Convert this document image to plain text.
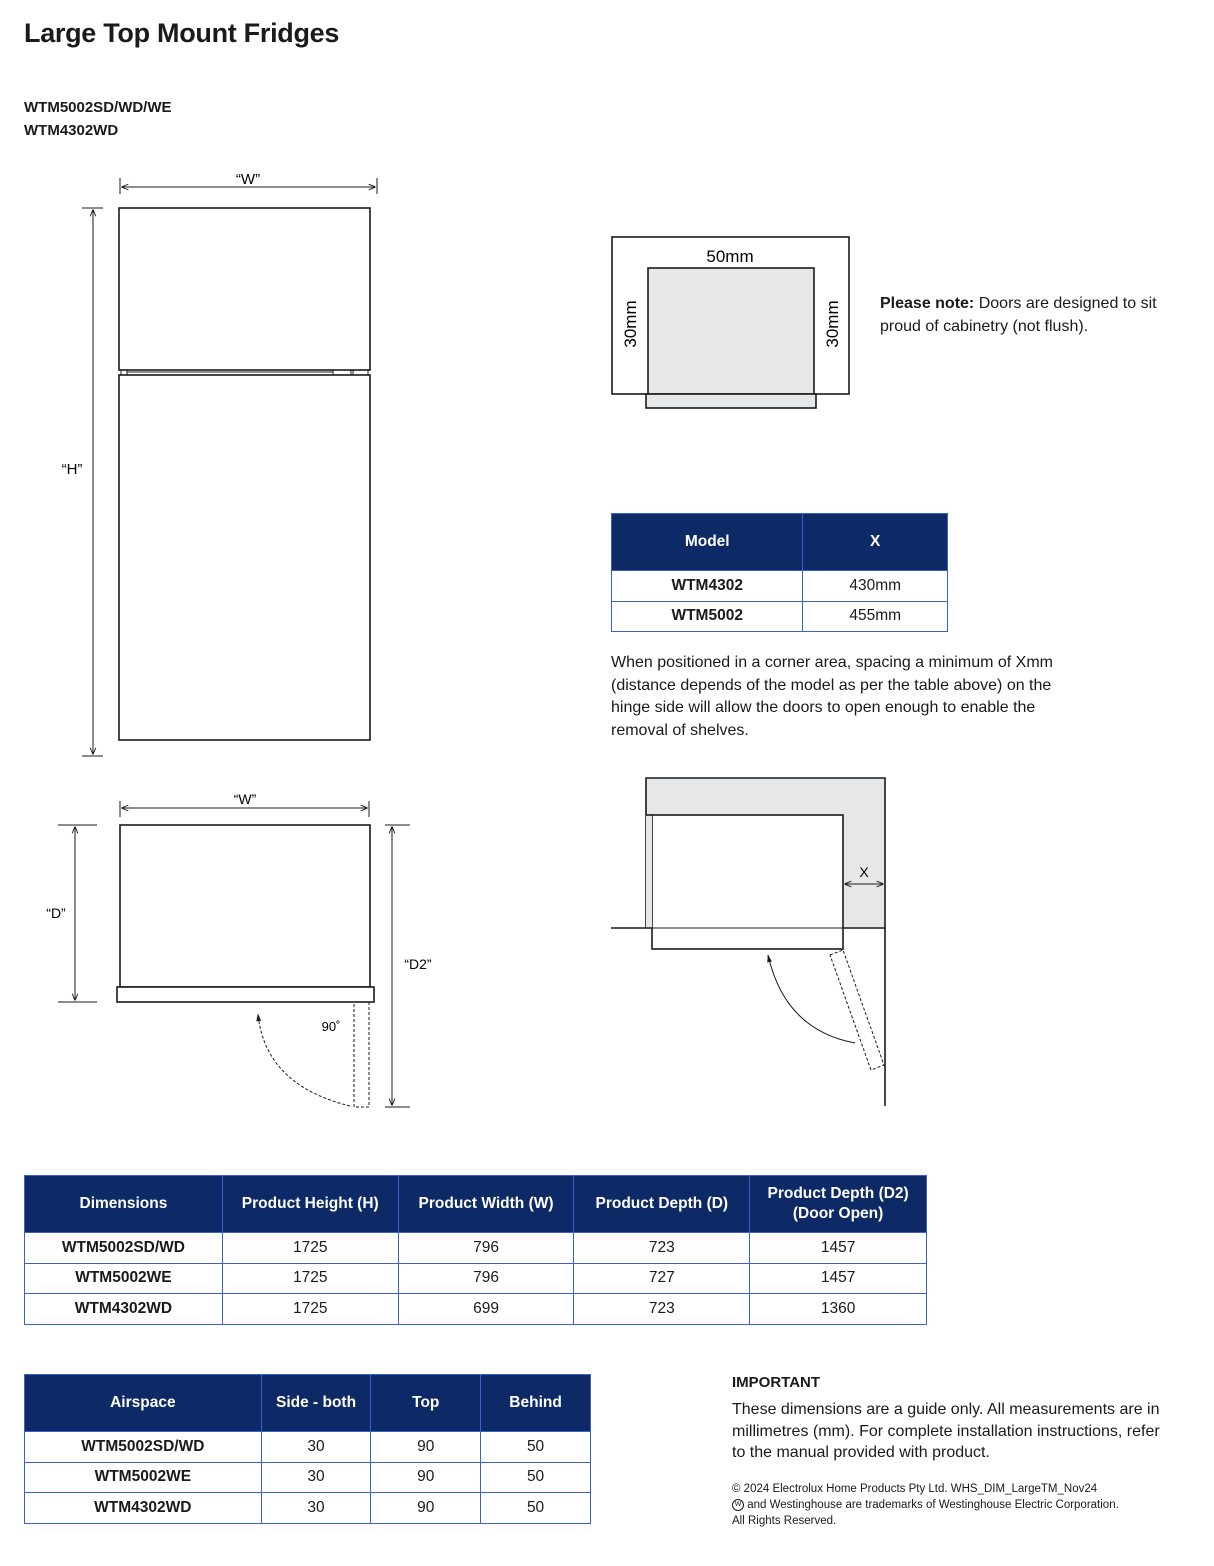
Large Top Mount Fridges
WTM5002SD/WD/WE
WTM4302WD
“W”
“H”
“W”
“D”
90˚
“D2”
50mm
30mm	30mm
X
Please note: Doors are designed to sit proud of cabinetry (not flush).
Model	X
WTM4302	430mm
WTM5002	455mm
When positioned in a corner area, spacing a minimum of Xmm (distance depends of the model as per the table above) on the hinge side will allow the doors to open enough to enable the removal of shelves.
Dimensions	Product Height (H)	Product Width (W)	Product Depth (D)	Product Depth (D2)
(Door Open)
WTM5002SD/WD	1725	796	723	1457
WTM5002WE	1725	796	727	1457
WTM4302WD	1725	699	723	1360
Airspace	Side - both	Top	Behind
WTM5002SD/WD	30	90	50
WTM5002WE	30	90	50
WTM4302WD	30	90	50
IMPORTANT
These dimensions are a guide only. All measurements are in millimetres (mm). For complete installation instructions, refer to the manual provided with product.
© 2024 Electrolux Home Products Pty Ltd. WHS_DIM_LargeTM_Nov24
W and Westinghouse are trademarks of Westinghouse Electric Corporation.
All Rights Reserved.
